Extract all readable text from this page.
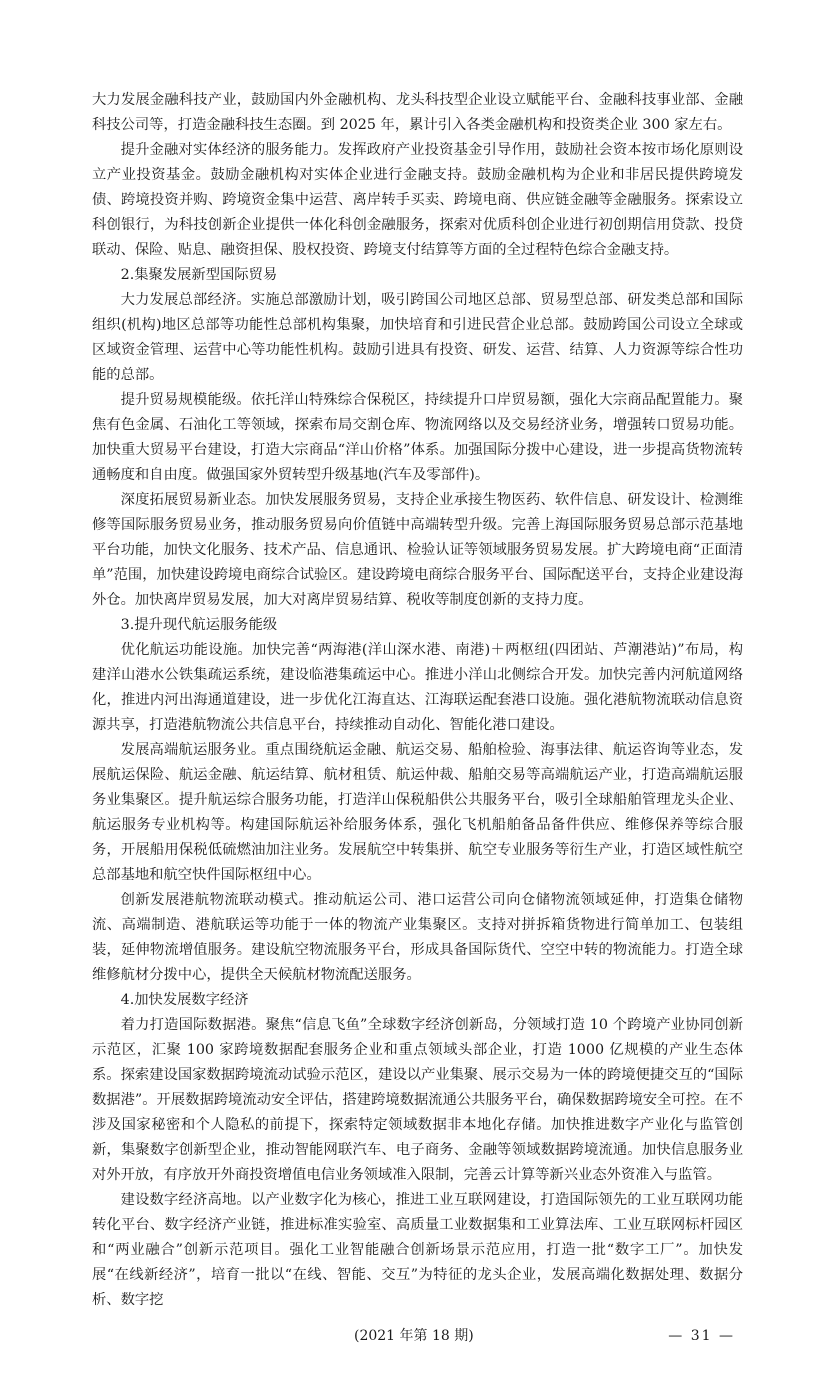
大力发展金融科技产业，鼓励国内外金融机构、龙头科技型企业设立赋能平台、金融科技事业部、金融科技公司等，打造金融科技生态圈。到 2025 年，累计引入各类金融机构和投资类企业 300 家左右。

提升金融对实体经济的服务能力。发挥政府产业投资基金引导作用，鼓励社会资本按市场化原则设立产业投资基金。鼓励金融机构对实体企业进行金融支持。鼓励金融机构为企业和非居民提供跨境发债、跨境投资并购、跨境资金集中运营、离岸转手买卖、跨境电商、供应链金融等金融服务。探索设立科创银行，为科技创新企业提供一体化科创金融服务，探索对优质科创企业进行初创期信用贷款、投贷联动、保险、贴息、融资担保、股权投资、跨境支付结算等方面的全过程特色综合金融支持。

2.集聚发展新型国际贸易

大力发展总部经济。实施总部激励计划，吸引跨国公司地区总部、贸易型总部、研发类总部和国际组织(机构)地区总部等功能性总部机构集聚，加快培育和引进民营企业总部。鼓励跨国公司设立全球或区域资金管理、运营中心等功能性机构。鼓励引进具有投资、研发、运营、结算、人力资源等综合性功能的总部。

提升贸易规模能级。依托洋山特殊综合保税区，持续提升口岸贸易额，强化大宗商品配置能力。聚焦有色金属、石油化工等领域，探索布局交割仓库、物流网络以及交易经济业务，增强转口贸易功能。加快重大贸易平台建设，打造大宗商品“洋山价格”体系。加强国际分拨中心建设，进一步提高货物流转通畅度和自由度。做强国家外贸转型升级基地(汽车及零部件)。

深度拓展贸易新业态。加快发展服务贸易，支持企业承接生物医药、软件信息、研发设计、检测维修等国际服务贸易业务，推动服务贸易向价值链中高端转型升级。完善上海国际服务贸易总部示范基地平台功能，加快文化服务、技术产品、信息通讯、检验认证等领域服务贸易发展。扩大跨境电商“正面清单”范围，加快建设跨境电商综合试验区。建设跨境电商综合服务平台、国际配送平台，支持企业建设海外仓。加快离岸贸易发展，加大对离岸贸易结算、税收等制度创新的支持力度。

3.提升现代航运服务能级

优化航运功能设施。加快完善“两海港(洋山深水港、南港)＋两枢纽(四团站、芦潮港站)”布局，构建洋山港水公铁集疏运系统，建设临港集疏运中心。推进小洋山北侧综合开发。加快完善内河航道网络化，推进内河出海通道建设，进一步优化江海直达、江海联运配套港口设施。强化港航物流联动信息资源共享，打造港航物流公共信息平台，持续推动自动化、智能化港口建设。

发展高端航运服务业。重点围绕航运金融、航运交易、船舶检验、海事法律、航运咨询等业态，发展航运保险、航运金融、航运结算、航材租赁、航运仲裁、船舶交易等高端航运产业，打造高端航运服务业集聚区。提升航运综合服务功能，打造洋山保税船供公共服务平台，吸引全球船舶管理龙头企业、航运服务专业机构等。构建国际航运补给服务体系，强化飞机船舶备品备件供应、维修保养等综合服务，开展船用保税低硫燃油加注业务。发展航空中转集拼、航空专业服务等衍生产业，打造区域性航空总部基地和航空快件国际枢纽中心。

创新发展港航物流联动模式。推动航运公司、港口运营公司向仓储物流领域延伸，打造集仓储物流、高端制造、港航联运等功能于一体的物流产业集聚区。支持对拼拆箱货物进行简单加工、包装组装，延伸物流增值服务。建设航空物流服务平台，形成具备国际货代、空空中转的物流能力。打造全球维修航材分拨中心，提供全天候航材物流配送服务。

4.加快发展数字经济

着力打造国际数据港。聚焦“信息飞鱼”全球数字经济创新岛，分领域打造 10 个跨境产业协同创新示范区，汇聚 100 家跨境数据配套服务企业和重点领域头部企业，打造 1000 亿规模的产业生态体系。探索建设国家数据跨境流动试验示范区，建设以产业集聚、展示交易为一体的跨境便捷交互的“国际数据港”。开展数据跨境流动安全评估，搭建跨境数据流通公共服务平台，确保数据跨境安全可控。在不涉及国家秘密和个人隐私的前提下，探索特定领域数据非本地化存储。加快推进数字产业化与监管创新，集聚数字创新型企业，推动智能网联汽车、电子商务、金融等领域数据跨境流通。加快信息服务业对外开放，有序放开外商投资增值电信业务领域准入限制，完善云计算等新兴业态外资准入与监管。

建设数字经济高地。以产业数字化为核心，推进工业互联网建设，打造国际领先的工业互联网功能转化平台、数字经济产业链，推进标准实验室、高质量工业数据集和工业算法库、工业互联网标杆园区和“两业融合”创新示范项目。强化工业智能融合创新场景示范应用，打造一批“数字工厂”。加快发展“在线新经济”，培育一批以“在线、智能、交互”为特征的龙头企业，发展高端化数据处理、数据分析、数字挖

(2021 年第 18 期)	— 31 —
